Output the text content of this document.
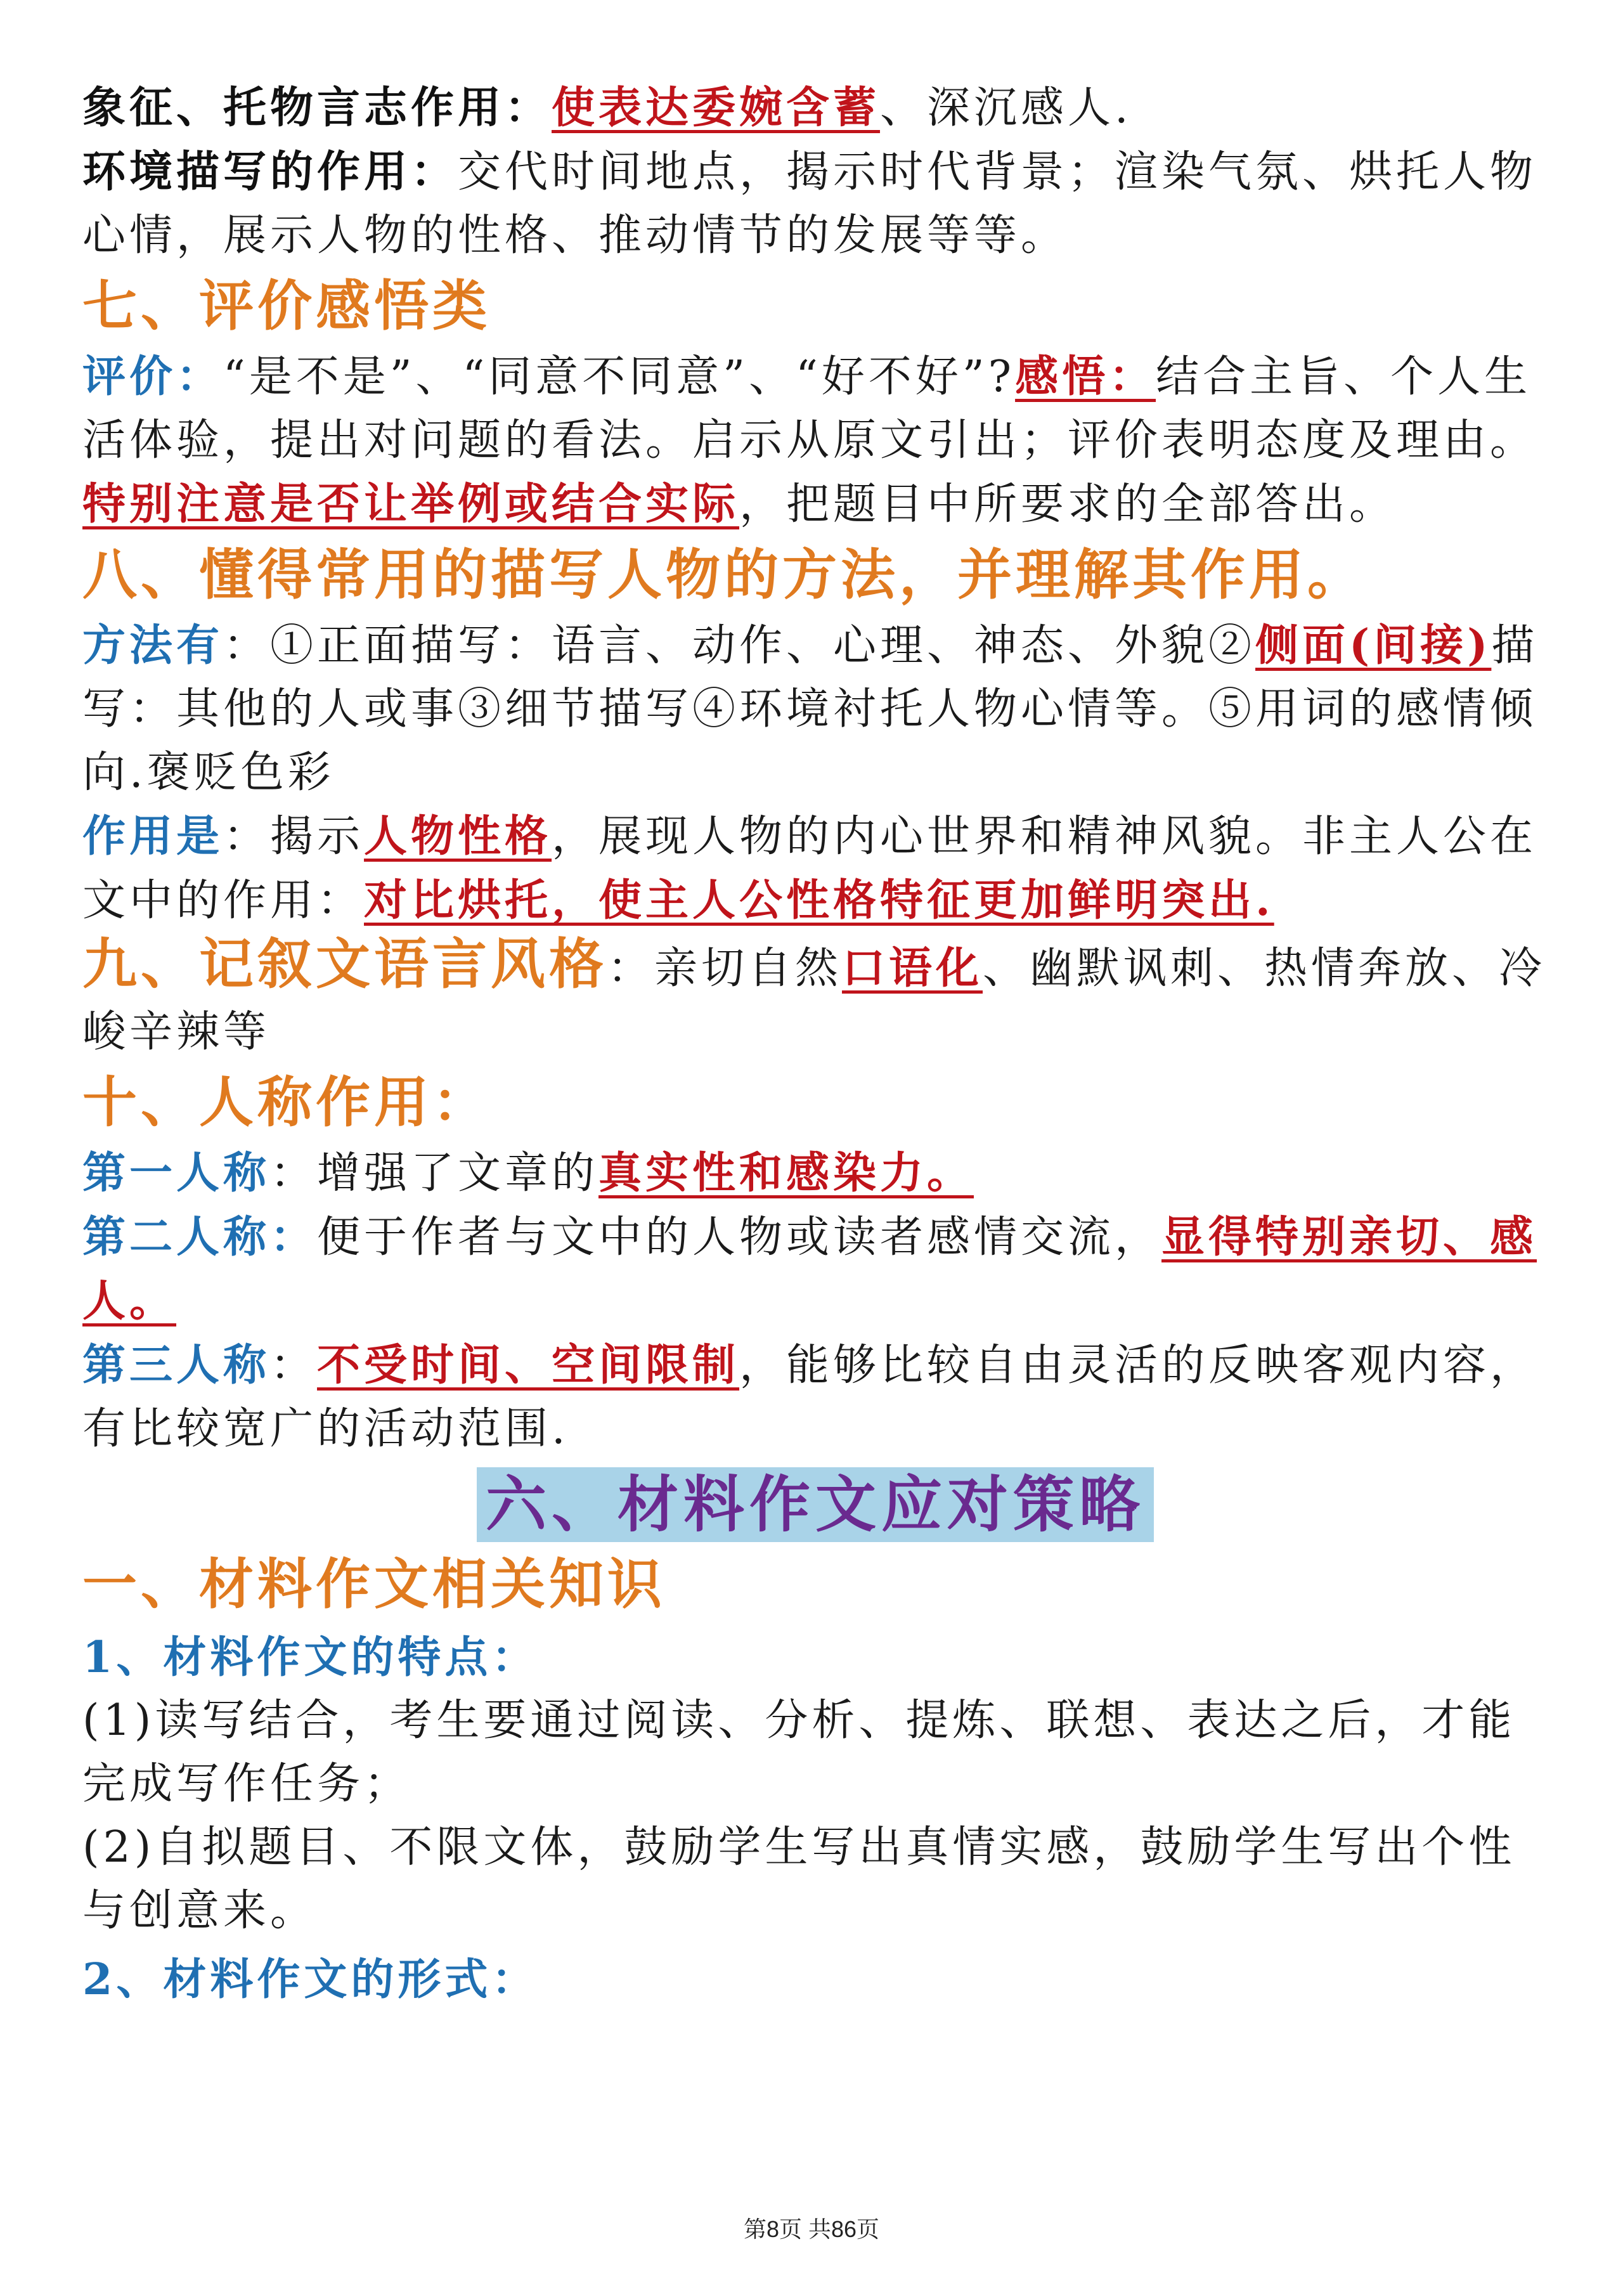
象征、托物言志作用：使表达委婉含蓄、深沉感人.

环境描写的作用：交代时间地点，揭示时代背景；渲染气氛、烘托人物心情，展示人物的性格、推动情节的发展等等。

七、评价感悟类

评价：“是不是”、“同意不同意”、“好不好”?感悟：结合主旨、个人生活体验，提出对问题的看法。启示从原文引出；评价表明态度及理由。特别注意是否让举例或结合实际，把题目中所要求的全部答出。

八、懂得常用的描写人物的方法，并理解其作用。

方法有：①正面描写：语言、动作、心理、神态、外貌②侧面(间接)描写：其他的人或事③细节描写④环境衬托人物心情等。⑤用词的感情倾向.褒贬色彩

作用是：揭示人物性格，展现人物的内心世界和精神风貌。非主人公在文中的作用：对比烘托，使主人公性格特征更加鲜明突出.

九、记叙文语言风格：亲切自然口语化、幽默讽刺、热情奔放、冷峻辛辣等

十、人称作用：

第一人称：增强了文章的真实性和感染力。

第二人称：便于作者与文中的人物或读者感情交流，显得特别亲切、感人。

第三人称：不受时间、空间限制，能够比较自由灵活的反映客观内容，有比较宽广的活动范围.

六、材料作文应对策略
一、材料作文相关知识

1、材料作文的特点：

(1)读写结合，考生要通过阅读、分析、提炼、联想、表达之后，才能完成写作任务；

(2)自拟题目、不限文体，鼓励学生写出真情实感，鼓励学生写出个性与创意来。

2、材料作文的形式：

第8页 共86页
